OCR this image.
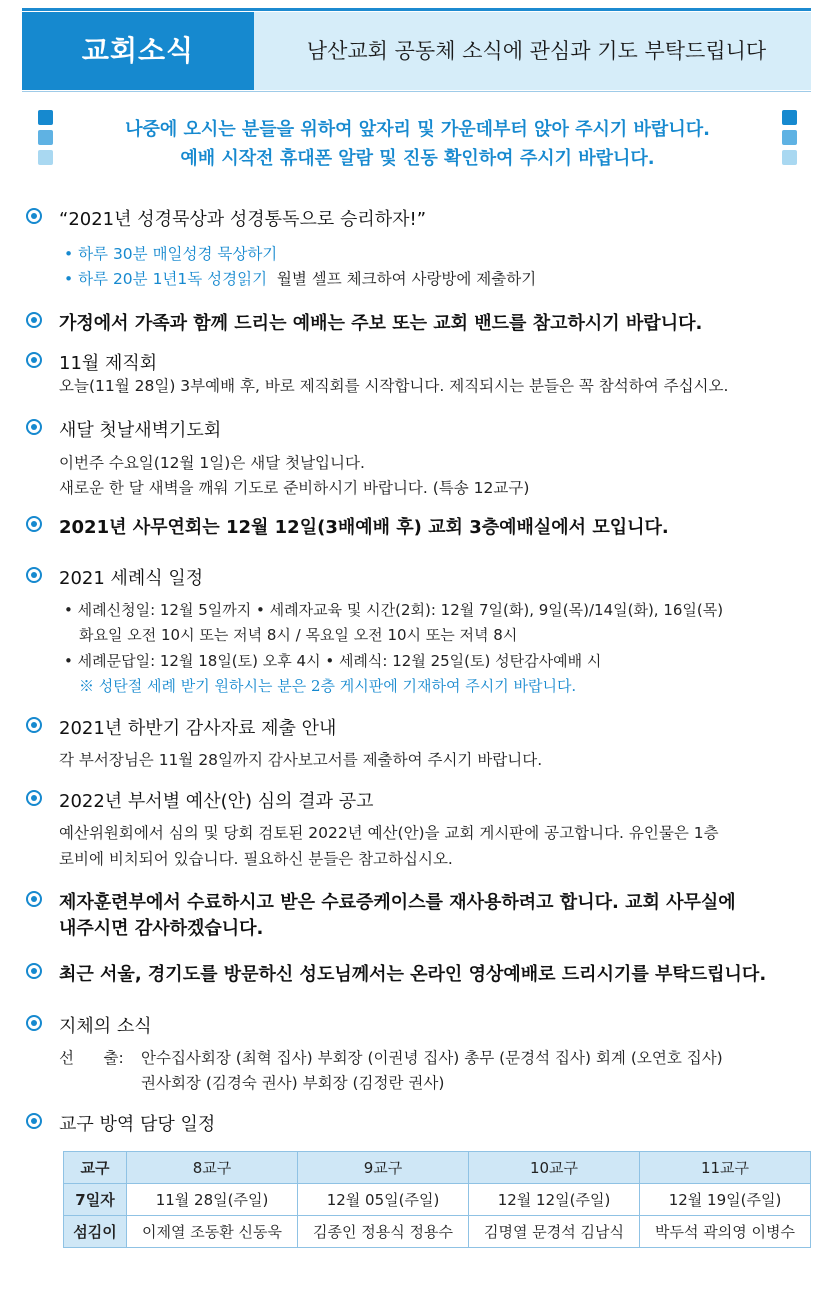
교회소식	남산교회 공동체 소식에 관심과 기도 부탁드립니다
나중에 오시는 분들을 위하여 앞자리 및 가운데부터 앉아 주시기 바랍니다.
예배 시작전 휴대폰 알람 및 진동 확인하여 주시기 바랍니다.
“2021년 성경묵상과 성경통독으로 승리하자!”
• 하루 30분 매일성경 묵상하기
• 하루 20분 1년1독 성경읽기 월별 셀프 체크하여 사랑방에 제출하기
가정에서 가족과 함께 드리는 예배는 주보 또는 교회 밴드를 참고하시기 바랍니다.
11월 제직회
오늘(11월 28일) 3부예배 후, 바로 제직회를 시작합니다. 제직되시는 분들은 꼭 참석하여 주십시오.
새달 첫날새벽기도회
이번주 수요일(12월 1일)은 새달 첫날입니다.
새로운 한 달 새벽을 깨워 기도로 준비하시기 바랍니다. (특송 12교구)
2021년 사무연회는 12월 12일(3배예배 후) 교회 3층예배실에서 모입니다.
2021 세례식 일정
• 세례신청일: 12월 5일까지 • 세례자교육 및 시간(2회): 12월 7일(화), 9일(목)/14일(화), 16일(목)
화요일 오전 10시 또는 저녁 8시 / 목요일 오전 10시 또는 저녁 8시
• 세례문답일: 12월 18일(토) 오후 4시 • 세례식: 12월 25일(토) 성탄감사예배 시
※ 성탄절 세례 받기 원하시는 분은 2층 게시판에 기재하여 주시기 바랍니다.
2021년 하반기 감사자료 제출 안내
각 부서장님은 11월 28일까지 감사보고서를 제출하여 주시기 바랍니다.
2022년 부서별 예산(안) 심의 결과 공고
예산위원회에서 심의 및 당회 검토된 2022년 예산(안)을 교회 게시판에 공고합니다. 유인물은 1층
로비에 비치되어 있습니다. 필요하신 분들은 참고하십시오.
제자훈련부에서 수료하시고 받은 수료증케이스를 재사용하려고 합니다. 교회 사무실에
내주시면 감사하겠습니다.
최근 서울, 경기도를 방문하신 성도님께서는 온라인 영상예배로 드리시기를 부탁드립니다.
지체의 소식
선      출: 안수집사회장 (최혁 집사) 부회장 (이권녕 집사) 총무 (문경석 집사) 회계 (오연호 집사)
권사회장 (김경숙 권사) 부회장 (김정란 권사)
교구 방역 담당 일정
교구	8교구	9교구	10교구	11교구
7일자	11월 28일(주일)	12월 05일(주일)	12월 12일(주일)	12월 19일(주일)
섬김이	이제열 조동환 신동욱	김종인 정용식 정용수	김명열 문경석 김남식	박두석 곽의영 이병수
